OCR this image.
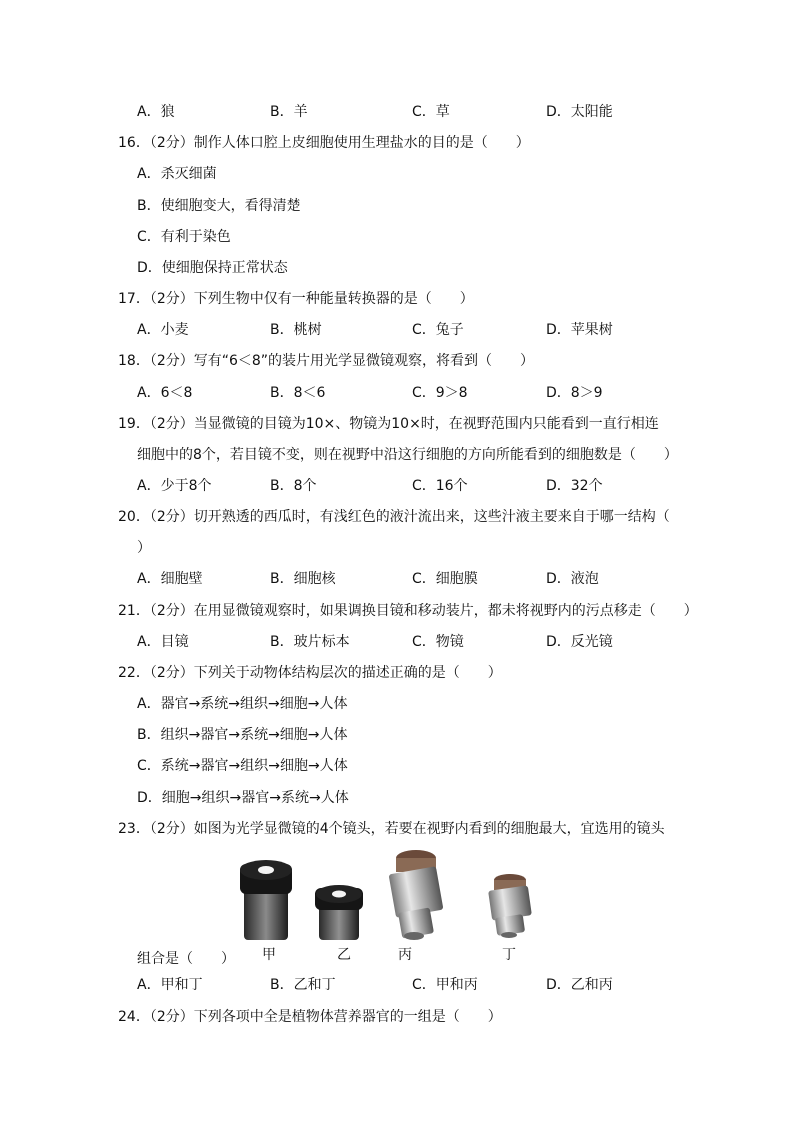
A．狼	B．羊	C．草	D．太阳能
16．（2分）制作人体口腔上皮细胞使用生理盐水的目的是（　　）
A．杀灭细菌
B．使细胞变大，看得清楚
C．有利于染色
D．使细胞保持正常状态
17．（2分）下列生物中仅有一种能量转换器的是（　　）
A．小麦	B．桃树	C．兔子	D．苹果树
18．（2分）写有“6＜8”的装片用光学显微镜观察，将看到（　　）
A．6＜8	B．8＜6	C．9＞8	D．8＞9
19．（2分）当显微镜的目镜为10×、物镜为10×时，在视野范围内只能看到一直行相连
细胞中的8个，若目镜不变，则在视野中沿这行细胞的方向所能看到的细胞数是（　　）
A．少于8个	B．8个	C．16个	D．32个
20．（2分）切开熟透的西瓜时，有浅红色的液汁流出来，这些汁液主要来自于哪一结构（
）
A．细胞壁	B．细胞核	C．细胞膜	D．液泡
21．（2分）在用显微镜观察时，如果调换目镜和移动装片，都未将视野内的污点移走（　　）
A．目镜	B．玻片标本	C．物镜	D．反光镜
22．（2分）下列关于动物体结构层次的描述正确的是（　　）
A．器官→系统→组织→细胞→人体
B．组织→器官→系统→细胞→人体
C．系统→器官→组织→细胞→人体
D．细胞→组织→器官→系统→人体
23．（2分）如图为光学显微镜的4个镜头，若要在视野内看到的细胞最大，宜选用的镜头
甲	乙	丙	丁
组合是（　　）
A．甲和丁	B．乙和丁	C．甲和丙	D．乙和丙
24．（2分）下列各项中全是植物体营养器官的一组是（　　）
